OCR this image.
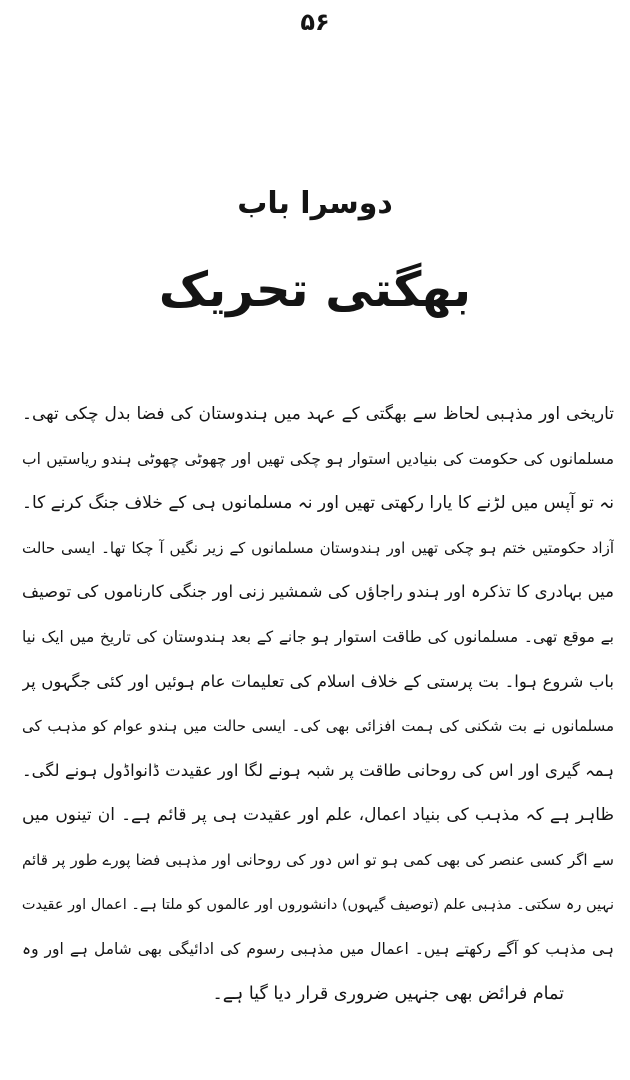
۵۶
دوسرا باب
بھگتی تحریک
تاریخی اور مذہبی لحاظ سے بھگتی کے عہد میں ہندوستان کی فضا بدل چکی تھی۔
مسلمانوں کی حکومت کی بنیادیں استوار ہو چکی تھیں اور چھوٹی چھوٹی ہندو ریاستیں اب
نہ تو آپس میں لڑنے کا یارا رکھتی تھیں اور نہ مسلمانوں ہی کے خلاف جنگ کرنے کا۔
آزاد حکومتیں ختم ہو چکی تھیں اور ہندوستان مسلمانوں کے زیر نگیں آ چکا تھا۔ ایسی حالت
میں بہادری کا تذکرہ اور ہندو راجاؤں کی شمشیر زنی اور جنگی کارناموں کی توصیف
بے موقع تھی۔ مسلمانوں کی طاقت استوار ہو جانے کے بعد ہندوستان کی تاریخ میں ایک نیا
باب شروع ہوا۔ بت پرستی کے خلاف اسلام کی تعلیمات عام ہوئیں اور کئی جگہوں پر
مسلمانوں نے بت شکنی کی ہمت افزائی بھی کی۔ ایسی حالت میں ہندو عوام کو مذہب کی
ہمہ گیری اور اس کی روحانی طاقت پر شبہ ہونے لگا اور عقیدت ڈانواڈول ہونے لگی۔
ظاہر ہے کہ مذہب کی بنیاد اعمال، علم اور عقیدت ہی پر قائم ہے۔ ان تینوں میں
سے اگر کسی عنصر کی بھی کمی ہو تو اس دور کی روحانی اور مذہبی فضا پورے طور پر قائم
نہیں رہ سکتی۔ مذہبی علم (توصیف گیہوں) دانشوروں اور عالموں کو ملتا ہے۔ اعمال اور عقیدت
ہی مذہب کو آگے رکھتے ہیں۔ اعمال میں مذہبی رسوم کی ادائیگی بھی شامل ہے اور وہ
تمام فرائض بھی جنہیں ضروری قرار دیا گیا ہے۔
